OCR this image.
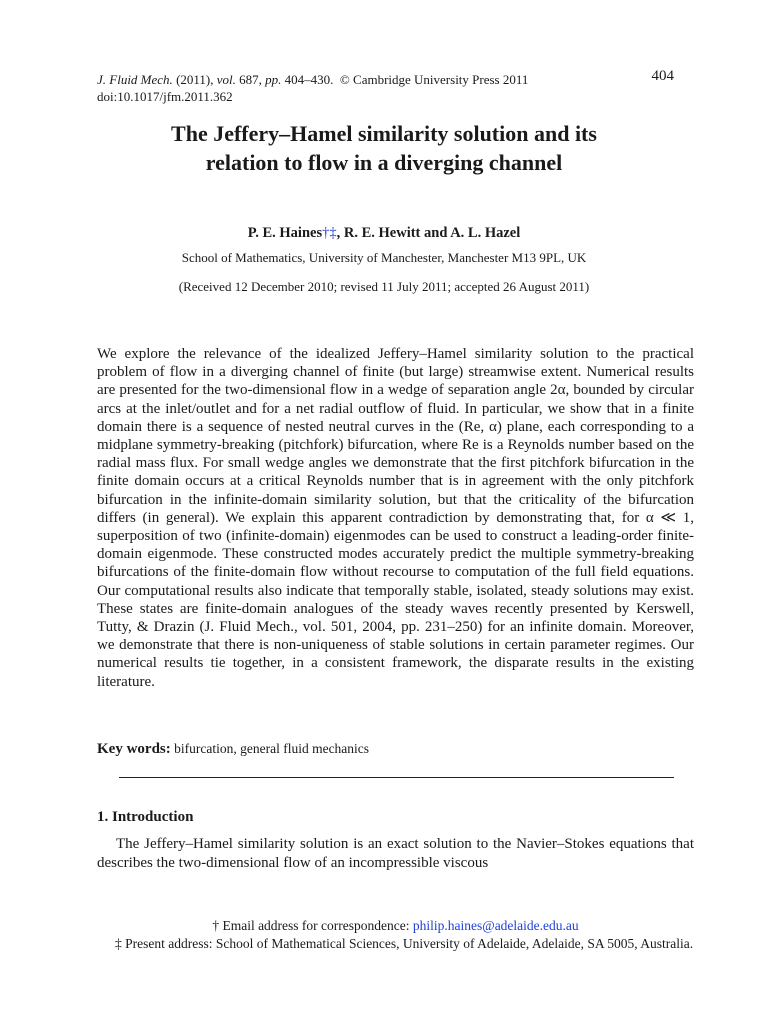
J. Fluid Mech. (2011), vol. 687, pp. 404–430. © Cambridge University Press 2011
doi:10.1017/jfm.2011.362
404
The Jeffery–Hamel similarity solution and its
relation to flow in a diverging channel
P. E. Haines†‡, R. E. Hewitt and A. L. Hazel
School of Mathematics, University of Manchester, Manchester M13 9PL, UK
(Received 12 December 2010; revised 11 July 2011; accepted 26 August 2011)

We explore the relevance of the idealized Jeffery–Hamel similarity solution to the practical problem of flow in a diverging channel of finite (but large) streamwise extent. Numerical results are presented for the two-dimensional flow in a wedge of separation angle 2α, bounded by circular arcs at the inlet/outlet and for a net radial outflow of fluid. In particular, we show that in a finite domain there is a sequence of nested neutral curves in the (Re, α) plane, each corresponding to a midplane symmetry-breaking (pitchfork) bifurcation, where Re is a Reynolds number based on the radial mass flux. For small wedge angles we demonstrate that the first pitchfork bifurcation in the finite domain occurs at a critical Reynolds number that is in agreement with the only pitchfork bifurcation in the infinite-domain similarity solution, but that the criticality of the bifurcation differs (in general). We explain this apparent contradiction by demonstrating that, for α ≪ 1, superposition of two (infinite-domain) eigenmodes can be used to construct a leading-order finite-domain eigenmode. These constructed modes accurately predict the multiple symmetry-breaking bifurcations of the finite-domain flow without recourse to computation of the full field equations. Our computational results also indicate that temporally stable, isolated, steady solutions may exist. These states are finite-domain analogues of the steady waves recently presented by Kerswell, Tutty, & Drazin (J. Fluid Mech., vol. 501, 2004, pp. 231–250) for an infinite domain. Moreover, we demonstrate that there is non-uniqueness of stable solutions in certain parameter regimes. Our numerical results tie together, in a consistent framework, the disparate results in the existing literature.

Key words: bifurcation, general fluid mechanics
1. Introduction
The Jeffery–Hamel similarity solution is an exact solution to the Navier–Stokes equations that describes the two-dimensional flow of an incompressible viscous
† Email address for correspondence: philip.haines@adelaide.edu.au
‡ Present address: School of Mathematical Sciences, University of Adelaide, Adelaide, SA 5005, Australia.
